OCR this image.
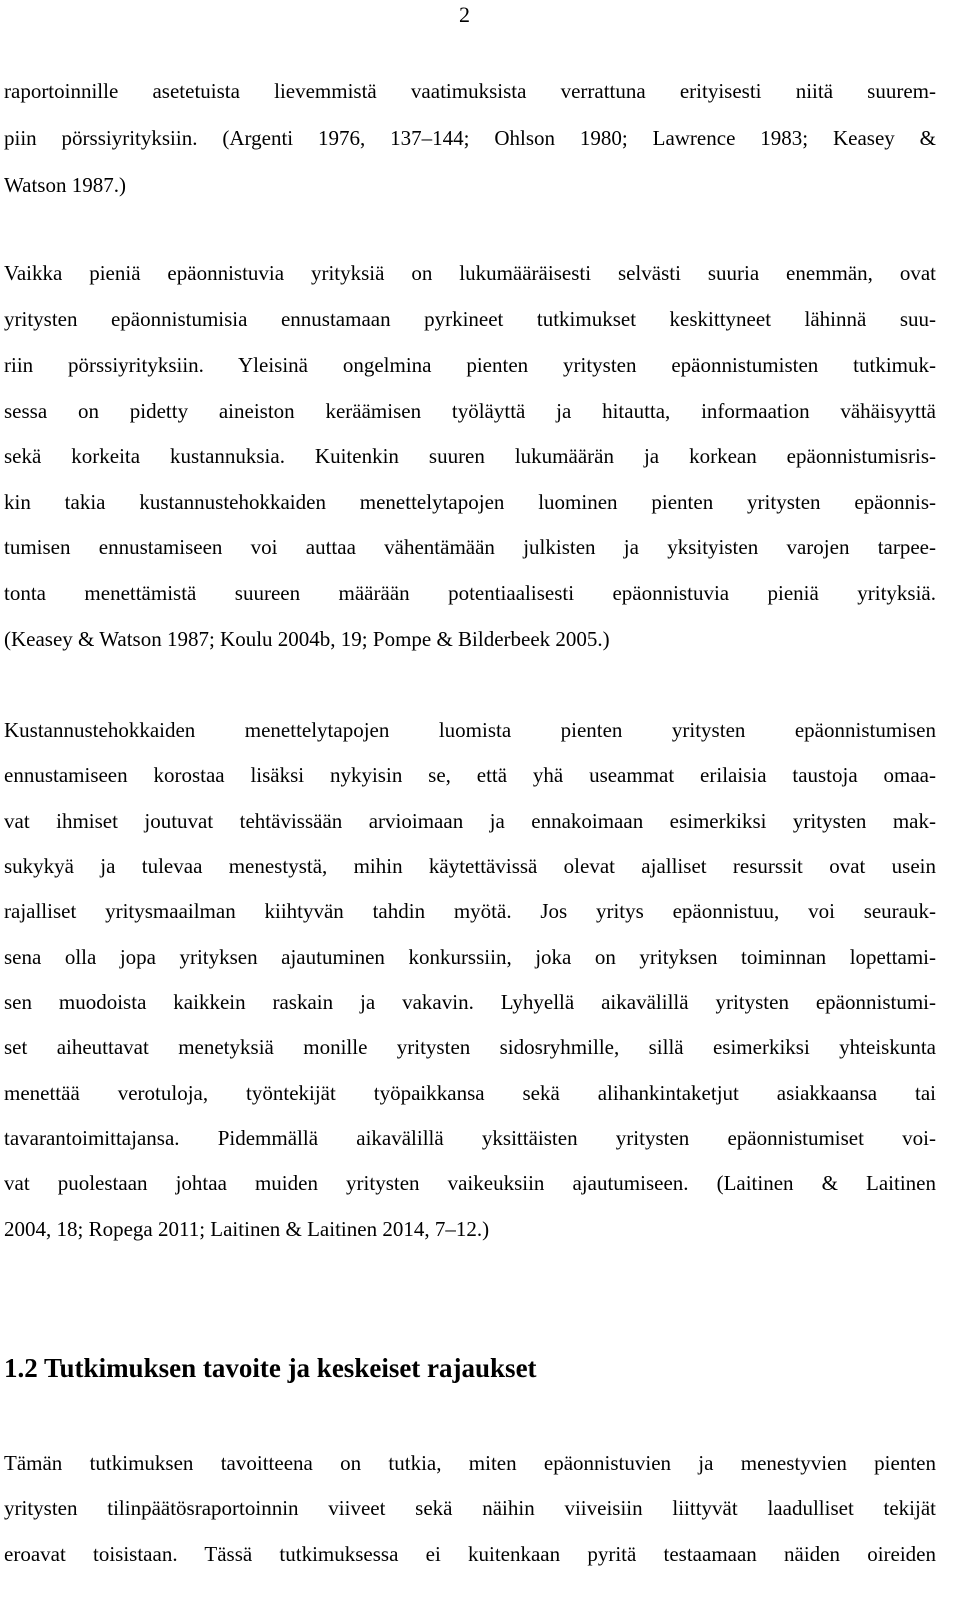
2
raportoinnille asetetuista lievemmistä vaatimuksista verrattuna erityisesti niitä suurem-
piin pörssiyrityksiin. (Argenti 1976, 137–144; Ohlson 1980; Lawrence 1983; Keasey &
Watson 1987.)
Vaikka pieniä epäonnistuvia yrityksiä on lukumääräisesti selvästi suuria enemmän, ovat
yritysten epäonnistumisia ennustamaan pyrkineet tutkimukset keskittyneet lähinnä suu-
riin pörssiyrityksiin. Yleisinä ongelmina pienten yritysten epäonnistumisten tutkimuk-
sessa on pidetty aineiston keräämisen työläyttä ja hitautta, informaation vähäisyyttä
sekä korkeita kustannuksia. Kuitenkin suuren lukumäärän ja korkean epäonnistumisris-
kin takia kustannustehokkaiden menettelytapojen luominen pienten yritysten epäonnis-
tumisen ennustamiseen voi auttaa vähentämään julkisten ja yksityisten varojen tarpee-
tonta menettämistä suureen määrään potentiaalisesti epäonnistuvia pieniä yrityksiä.
(Keasey & Watson 1987; Koulu 2004b, 19; Pompe & Bilderbeek 2005.)
Kustannustehokkaiden menettelytapojen luomista pienten yritysten epäonnistumisen
ennustamiseen korostaa lisäksi nykyisin se, että yhä useammat erilaisia taustoja omaa-
vat ihmiset joutuvat tehtävissään arvioimaan ja ennakoimaan esimerkiksi yritysten mak-
sukykyä ja tulevaa menestystä, mihin käytettävissä olevat ajalliset resurssit ovat usein
rajalliset yritysmaailman kiihtyvän tahdin myötä. Jos yritys epäonnistuu, voi seurauk-
sena olla jopa yrityksen ajautuminen konkurssiin, joka on yrityksen toiminnan lopettami-
sen muodoista kaikkein raskain ja vakavin. Lyhyellä aikavälillä yritysten epäonnistumi-
set aiheuttavat menetyksiä monille yritysten sidosryhmille, sillä esimerkiksi yhteiskunta
menettää verotuloja, työntekijät työpaikkansa sekä alihankintaketjut asiakkaansa tai
tavarantoimittajansa. Pidemmällä aikavälillä yksittäisten yritysten epäonnistumiset voi-
vat puolestaan johtaa muiden yritysten vaikeuksiin ajautumiseen. (Laitinen & Laitinen
2004, 18; Ropega 2011; Laitinen & Laitinen 2014, 7–12.)
1.2 Tutkimuksen tavoite ja keskeiset rajaukset
Tämän tutkimuksen tavoitteena on tutkia, miten epäonnistuvien ja menestyvien pienten
yritysten tilinpäätösraportoinnin viiveet sekä näihin viiveisiin liittyvät laadulliset tekijät
eroavat toisistaan. Tässä tutkimuksessa ei kuitenkaan pyritä testaamaan näiden oireiden
